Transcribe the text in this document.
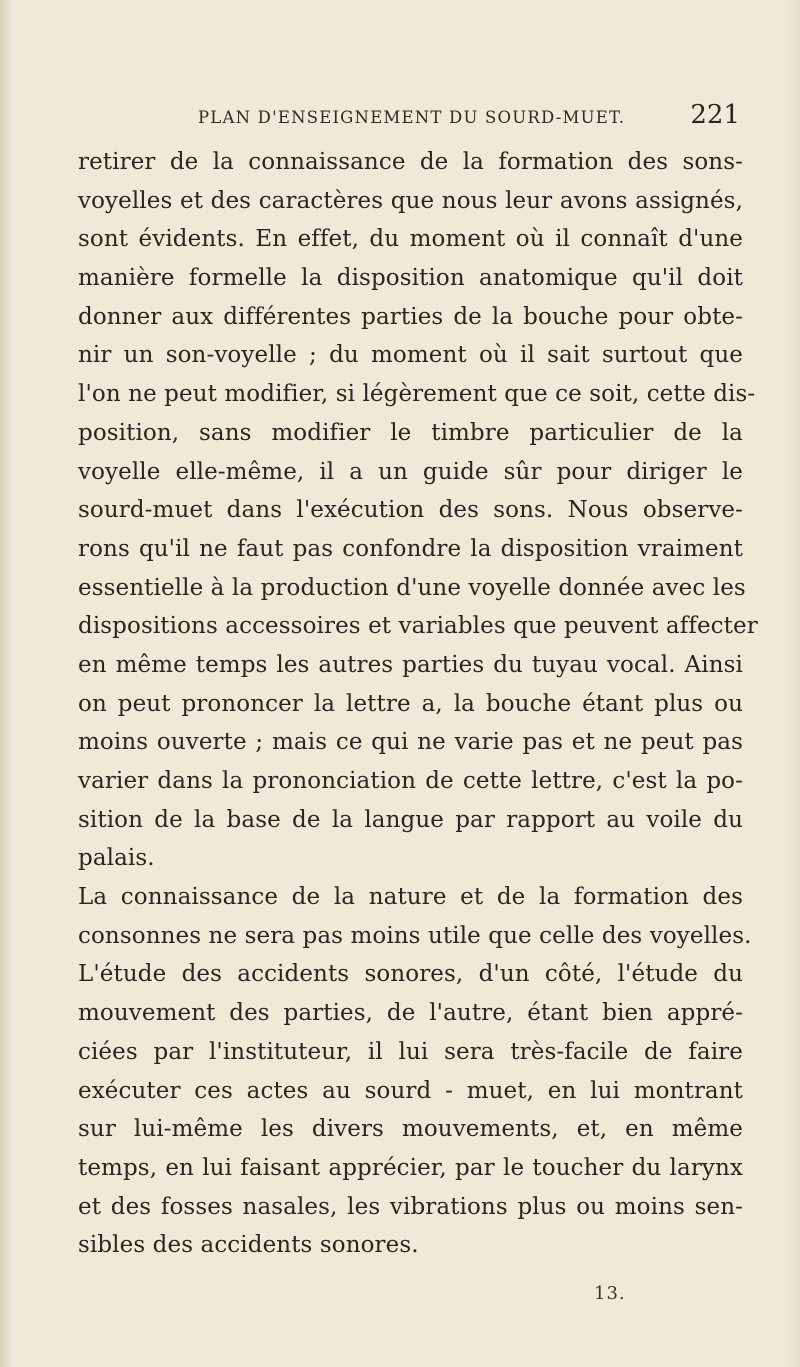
PLAN D'ENSEIGNEMENT DU SOURD-MUET.	221
retirer de la connaissance de la formation des sons-
voyelles et des caractères que nous leur avons assignés,
sont évidents. En effet, du moment où il connaît d'une
manière formelle la disposition anatomique qu'il doit
donner aux différentes parties de la bouche pour obte-
nir un son-voyelle ; du moment où il sait surtout que
l'on ne peut modifier, si légèrement que ce soit, cette dis-
position, sans modifier le timbre particulier de la
voyelle elle-même, il a un guide sûr pour diriger le
sourd-muet dans l'exécution des sons. Nous observe-
rons qu'il ne faut pas confondre la disposition vraiment
essentielle à la production d'une voyelle donnée avec les
dispositions accessoires et variables que peuvent affecter
en même temps les autres parties du tuyau vocal. Ainsi
on peut prononcer la lettre a, la bouche étant plus ou
moins ouverte ; mais ce qui ne varie pas et ne peut pas
varier dans la prononciation de cette lettre, c'est la po-
sition de la base de la langue par rapport au voile du
palais.
La connaissance de la nature et de la formation des
consonnes ne sera pas moins utile que celle des voyelles.
L'étude des accidents sonores, d'un côté, l'étude du
mouvement des parties, de l'autre, étant bien appré-
ciées par l'instituteur, il lui sera très-facile de faire
exécuter ces actes au sourd - muet, en lui montrant
sur lui-même les divers mouvements, et, en même
temps, en lui faisant apprécier, par le toucher du larynx
et des fosses nasales, les vibrations plus ou moins sen-
sibles des accidents sonores.
13.
